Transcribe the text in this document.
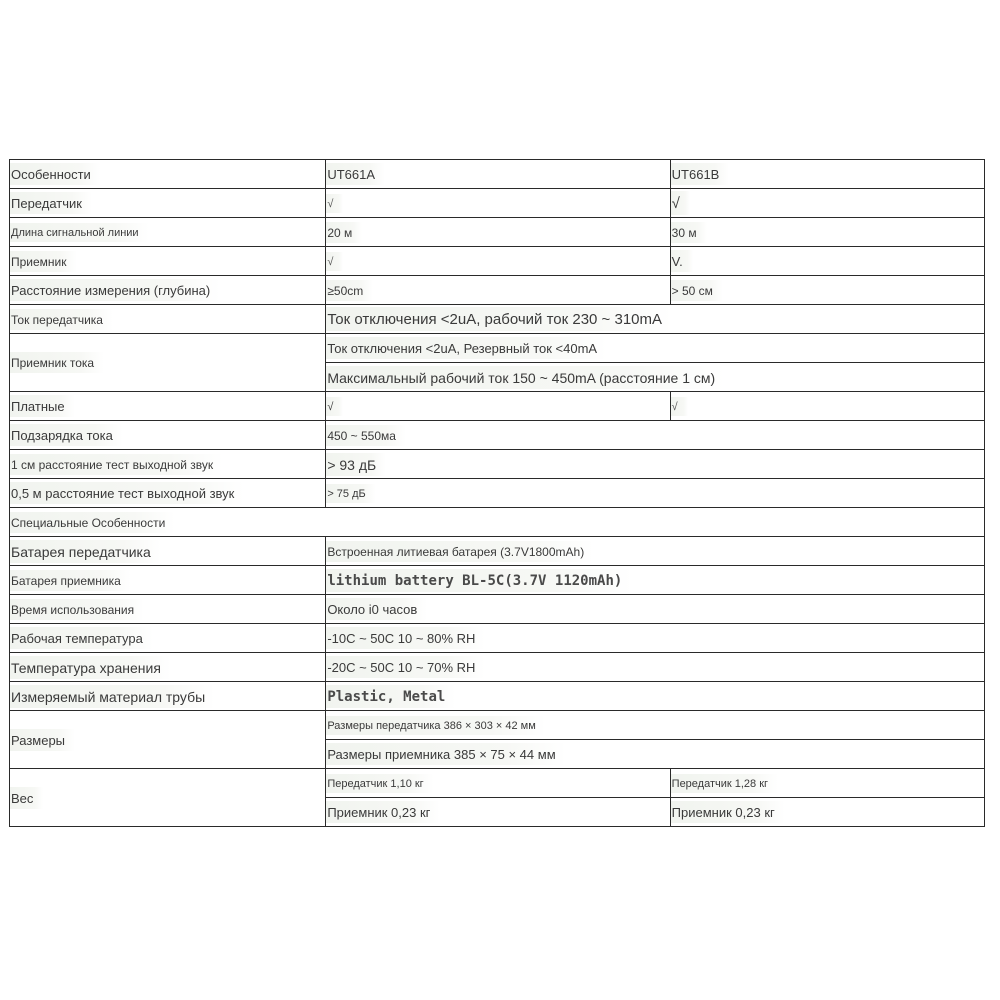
Особенности	UT661A	UT661B
Передатчик	√	√
Длина сигнальной линии	20 м	30 м
Приемник	√	V.
Расстояние измерения (глубина)	≥50cm	> 50 см
Ток передатчика	Ток отключения <2uA, рабочий ток 230 ~ 310mA	
Приемник тока	Ток отключения <2uA, Резервный ток <40mA	
	Максимальный рабочий ток 150 ~ 450mA (расстояние 1 см)	
Платные	√	√
Подзарядка тока	450 ~ 550ма	
1 см расстояние тест выходной звук	> 93 дБ	
0,5 м расстояние тест выходной звук	> 75 дБ	
Специальные Особенности		
Батарея передатчика	Встроенная литиевая батарея (3.7V1800mAh)	
Батарея приемника	lithium battery BL-5C(3.7V 1120mAh)	
Время использования	Около i0 часов	
Рабочая температура	-10C ~ 50C 10 ~ 80% RH	
Температура хранения	-20C ~ 50C 10 ~ 70% RH	
Измеряемый материал трубы	Plastic, Metal	
Размеры	Размеры передатчика 386 × 303 × 42 мм	
	Размеры приемника 385 × 75 × 44 мм	
Вес	Передатчик 1,10 кг	Передатчик 1,28 кг
	Приемник 0,23 кг	Приемник 0,23 кг
